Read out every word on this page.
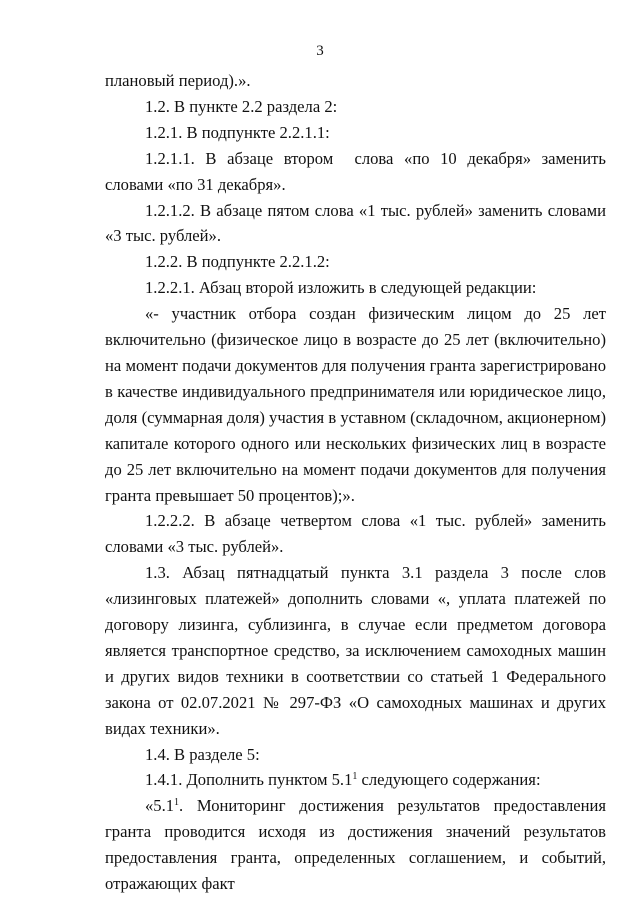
3

плановый период).».

1.2. В пункте 2.2 раздела 2:

1.2.1. В подпункте 2.2.1.1:

1.2.1.1. В абзаце втором  слова «по 10 декабря» заменить словами «по 31 декабря».

1.2.1.2. В абзаце пятом слова «1 тыс. рублей» заменить словами «3 тыс. рублей».

1.2.2. В подпункте 2.2.1.2:

1.2.2.1. Абзац второй изложить в следующей редакции:

«- участник отбора создан физическим лицом до 25 лет включительно (физическое лицо в возрасте до 25 лет (включительно) на момент подачи документов для получения гранта зарегистрировано в качестве индивидуального предпринимателя или юридическое лицо, доля (суммарная доля) участия в уставном (складочном, акционерном) капитале которого одного или нескольких физических лиц в возрасте до 25 лет включительно на момент подачи документов для получения гранта превышает 50 процентов);».

1.2.2.2. В абзаце четвертом слова «1 тыс. рублей» заменить словами «3 тыс. рублей».

1.3. Абзац пятнадцатый пункта 3.1 раздела 3 после слов «лизинговых платежей» дополнить словами «, уплата платежей по договору лизинга, сублизинга, в случае если предметом договора является транспортное средство, за исключением самоходных машин и других видов техники в соответствии со статьей 1 Федерального закона от 02.07.2021 № 297-ФЗ «О самоходных машинах и других видах техники».

1.4. В разделе 5:

1.4.1. Дополнить пунктом $5.1^1$ следующего содержания:

«$5.1^1$. Мониторинг достижения результатов предоставления гранта проводится исходя из достижения значений результатов предоставления гранта, определенных соглашением, и событий, отражающих факт
